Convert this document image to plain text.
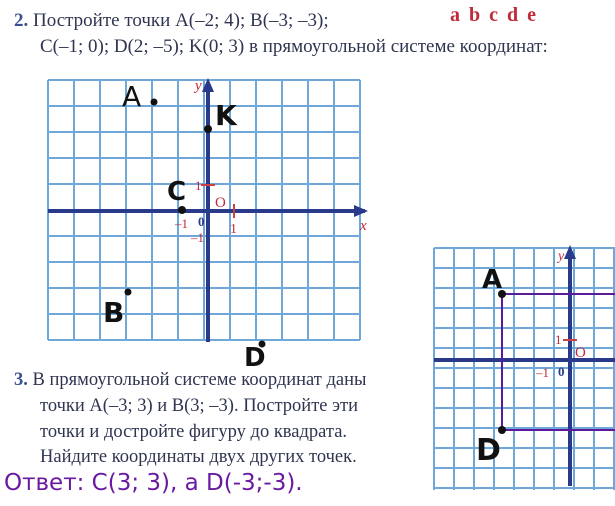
2. Постройте точки A(–2; 4); B(–3; –3);	a b c d e
C(–1; 0); D(2; –5); K(0; 3) в прямоугольной системе координат:
x
y
O
0
1
–1
1
–1
A
K
C
B
D
3. В прямоугольной системе координат даны
точки A(–3; 3) и B(3; –3). Постройте эти
точки и достройте фигуру до квадрата.
Найдите координаты двух других точек.
y
O
0
1
–1
A
D
Ответ: C(3; 3), а D(-3;-3).
